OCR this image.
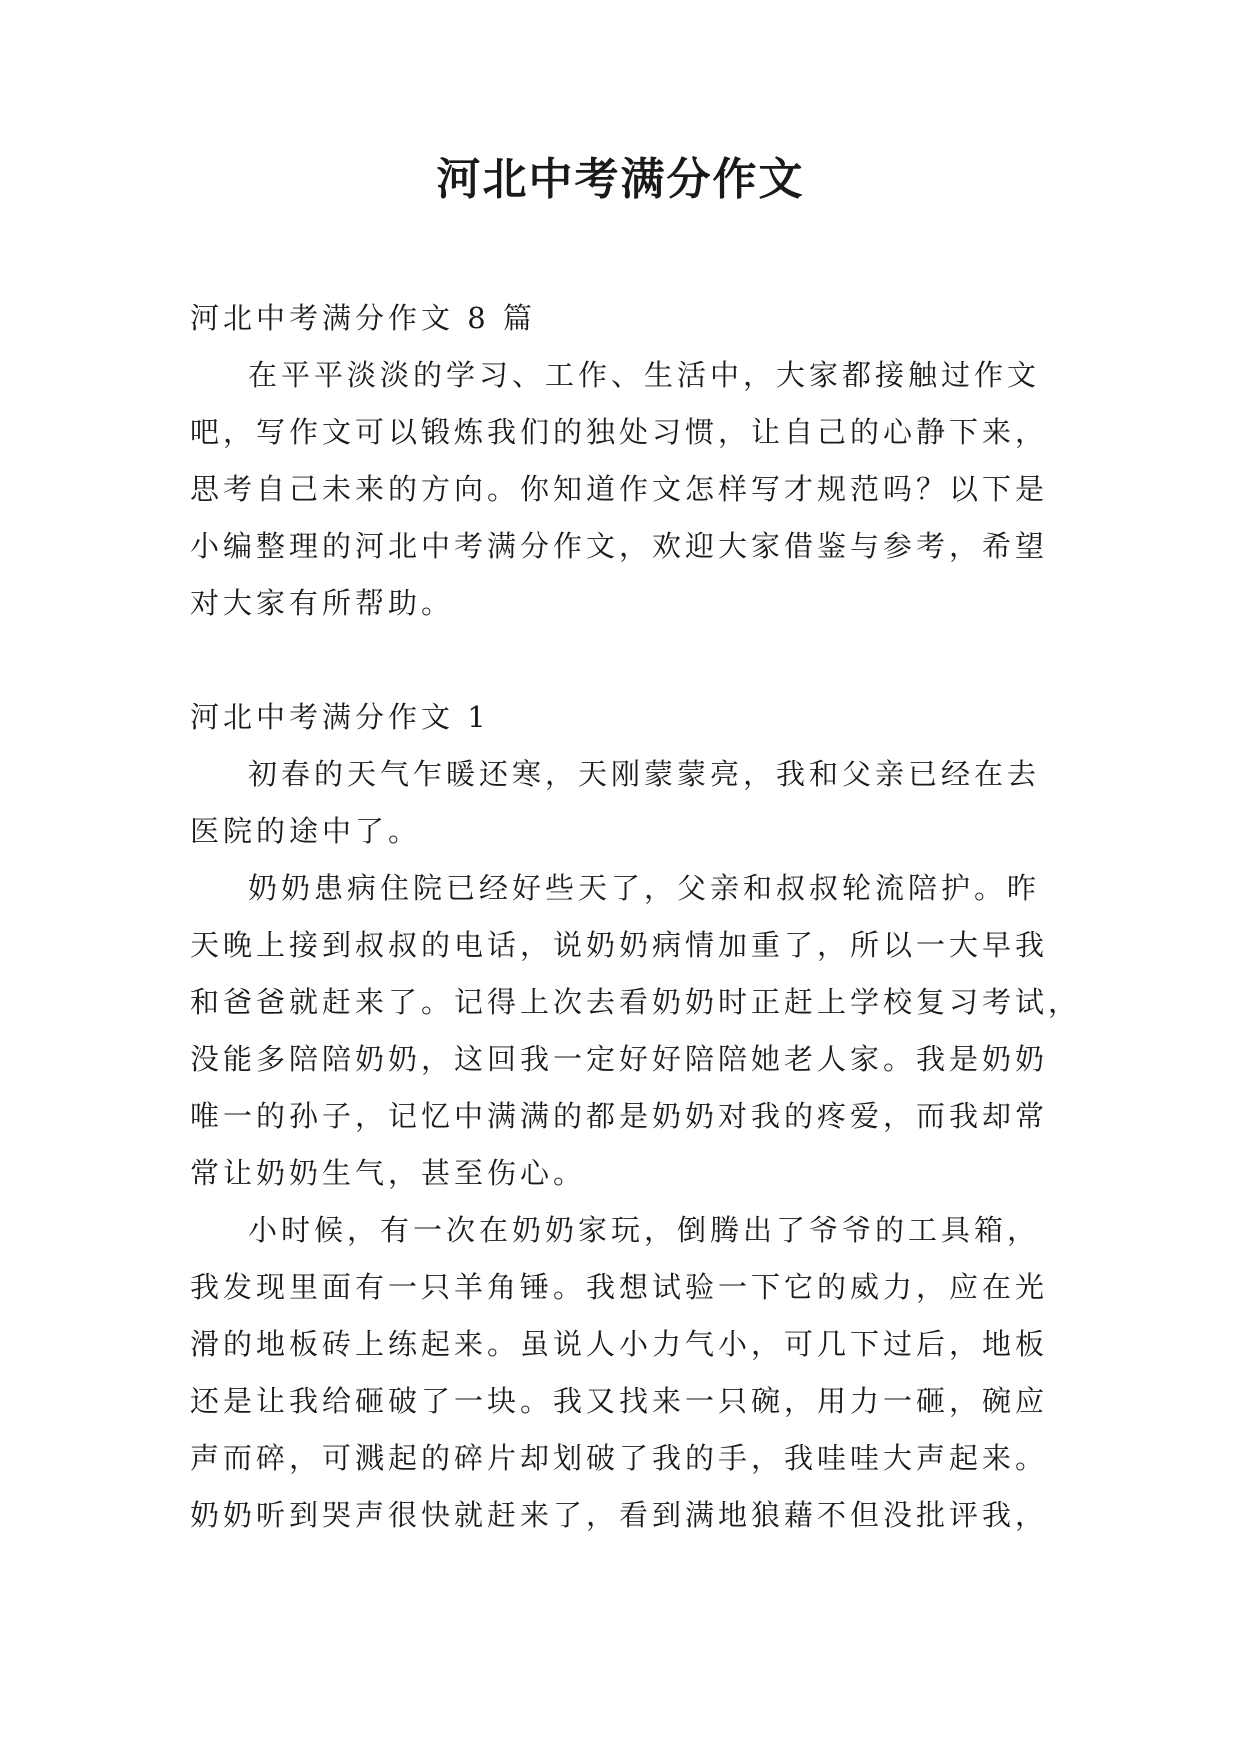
河北中考满分作文

河北中考满分作文 8 篇

在平平淡淡的学习、工作、生活中，大家都接触过作文
吧，写作文可以锻炼我们的独处习惯，让自己的心静下来，
思考自己未来的方向。你知道作文怎样写才规范吗？以下是
小编整理的河北中考满分作文，欢迎大家借鉴与参考，希望
对大家有所帮助。

河北中考满分作文 1

初春的天气乍暖还寒，天刚蒙蒙亮，我和父亲已经在去
医院的途中了。

奶奶患病住院已经好些天了，父亲和叔叔轮流陪护。昨
天晚上接到叔叔的电话，说奶奶病情加重了，所以一大早我
和爸爸就赶来了。记得上次去看奶奶时正赶上学校复习考试，
没能多陪陪奶奶，这回我一定好好陪陪她老人家。我是奶奶
唯一的孙子，记忆中满满的都是奶奶对我的疼爱，而我却常
常让奶奶生气，甚至伤心。

小时候，有一次在奶奶家玩，倒腾出了爷爷的工具箱，
我发现里面有一只羊角锤。我想试验一下它的威力，应在光
滑的地板砖上练起来。虽说人小力气小，可几下过后，地板
还是让我给砸破了一块。我又找来一只碗，用力一砸，碗应
声而碎，可溅起的碎片却划破了我的手，我哇哇大声起来。
奶奶听到哭声很快就赶来了，看到满地狼藉不但没批评我，
